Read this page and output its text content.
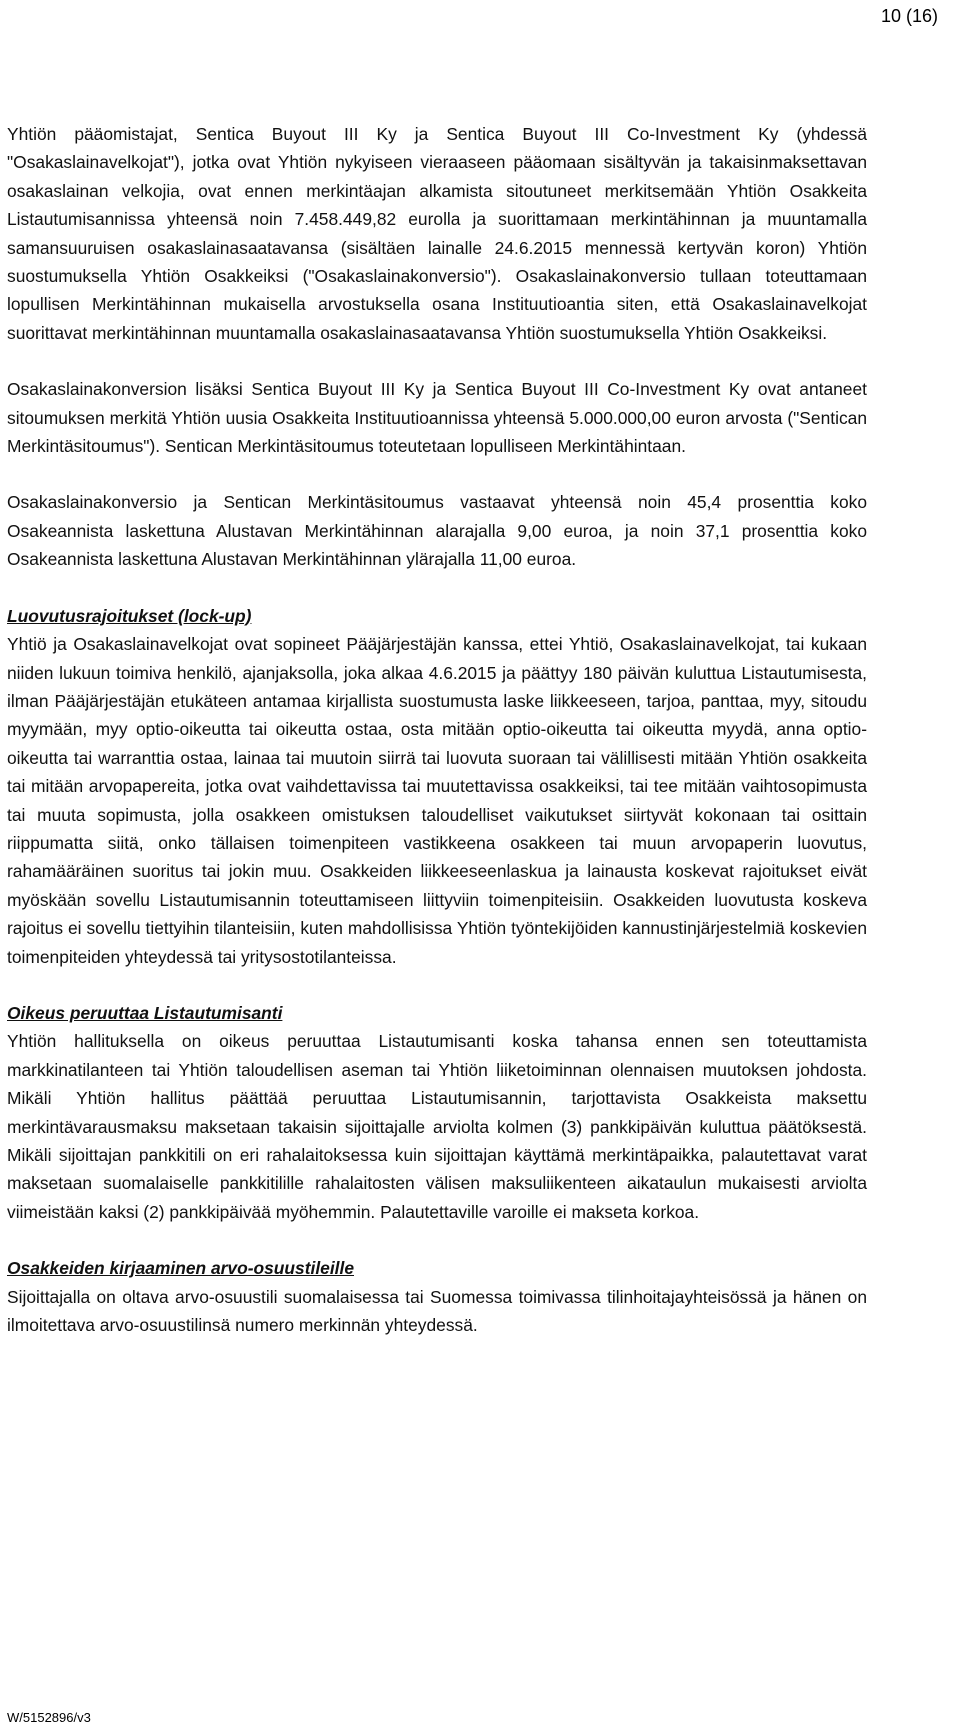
10 (16)

Yhtiön pääomistajat, Sentica Buyout III Ky ja Sentica Buyout III Co-Investment Ky (yhdessä "Osakaslainavelkojat"), jotka ovat Yhtiön nykyiseen vieraaseen pääomaan sisältyvän ja takaisinmaksettavan osakaslainan velkojia, ovat ennen merkintäajan alkamista sitoutuneet merkitsemään Yhtiön Osakkeita Listautumisannissa yhteensä noin 7.458.449,82 eurolla ja suorittamaan merkintähinnan ja muuntamalla samansuuruisen osakaslainasaatavansa (sisältäen lainalle 24.6.2015 mennessä kertyvän koron) Yhtiön suostumuksella Yhtiön Osakkeiksi ("Osakaslainakonversio"). Osakaslainakonversio tullaan toteuttamaan lopullisen Merkintähinnan mukaisella arvostuksella osana Instituutioantia siten, että Osakaslainavelkojat suorittavat merkintähinnan muuntamalla osakaslainasaatavansa Yhtiön suostumuksella Yhtiön Osakkeiksi.

Osakaslainakonversion lisäksi Sentica Buyout III Ky ja Sentica Buyout III Co-Investment Ky ovat antaneet sitoumuksen merkitä Yhtiön uusia Osakkeita Instituutioannissa yhteensä 5.000.000,00 euron arvosta ("Sentican Merkintäsitoumus"). Sentican Merkintäsitoumus toteutetaan lopulliseen Merkintähintaan.

Osakaslainakonversio ja Sentican Merkintäsitoumus vastaavat yhteensä noin 45,4 prosenttia koko Osakeannista laskettuna Alustavan Merkintähinnan alarajalla 9,00 euroa, ja noin 37,1 prosenttia koko Osakeannista laskettuna Alustavan Merkintähinnan ylärajalla 11,00 euroa.

Luovutusrajoitukset (lock-up)

Yhtiö ja Osakaslainavelkojat ovat sopineet Pääjärjestäjän kanssa, ettei Yhtiö, Osakaslainavelkojat, tai kukaan niiden lukuun toimiva henkilö, ajanjaksolla, joka alkaa 4.6.2015 ja päättyy 180 päivän kuluttua Listautumisesta, ilman Pääjärjestäjän etukäteen antamaa kirjallista suostumusta laske liikkeeseen, tarjoa, panttaa, myy, sitoudu myymään, myy optio-oikeutta tai oikeutta ostaa, osta mitään optio-oikeutta tai oikeutta myydä, anna optio-oikeutta tai warranttia ostaa, lainaa tai muutoin siirrä tai luovuta suoraan tai välillisesti mitään Yhtiön osakkeita tai mitään arvopapereita, jotka ovat vaihdettavissa tai muutettavissa osakkeiksi, tai tee mitään vaihtosopimusta tai muuta sopimusta, jolla osakkeen omistuksen taloudelliset vaikutukset siirtyvät kokonaan tai osittain riippumatta siitä, onko tällaisen toimenpiteen vastikkeena osakkeen tai muun arvopaperin luovutus, rahamääräinen suoritus tai jokin muu. Osakkeiden liikkeeseenlaskua ja lainausta koskevat rajoitukset eivät myöskään sovellu Listautumisannin toteuttamiseen liittyviin toimenpiteisiin. Osakkeiden luovutusta koskeva rajoitus ei sovellu tiettyihin tilanteisiin, kuten mahdollisissa Yhtiön työntekijöiden kannustinjärjestelmiä koskevien toimenpiteiden yhteydessä tai yritysostotilanteissa.

Oikeus peruuttaa Listautumisanti

Yhtiön hallituksella on oikeus peruuttaa Listautumisanti koska tahansa ennen sen toteuttamista markkinatilanteen tai Yhtiön taloudellisen aseman tai Yhtiön liiketoiminnan olennaisen muutoksen johdosta. Mikäli Yhtiön hallitus päättää peruuttaa Listautumisannin, tarjottavista Osakkeista maksettu merkintävarausmaksu maksetaan takaisin sijoittajalle arviolta kolmen (3) pankkipäivän kuluttua päätöksestä. Mikäli sijoittajan pankkitili on eri rahalaitoksessa kuin sijoittajan käyttämä merkintäpaikka, palautettavat varat maksetaan suomalaiselle pankkitilille rahalaitosten välisen maksuliikenteen aikataulun mukaisesti arviolta viimeistään kaksi (2) pankkipäivää myöhemmin. Palautettaville varoille ei makseta korkoa.

Osakkeiden kirjaaminen arvo-osuustileille

Sijoittajalla on oltava arvo-osuustili suomalaisessa tai Suomessa toimivassa tilinhoitajayhteisössä ja hänen on ilmoitettava arvo-osuustilinsä numero merkinnän yhteydessä.

W/5152896/v3
